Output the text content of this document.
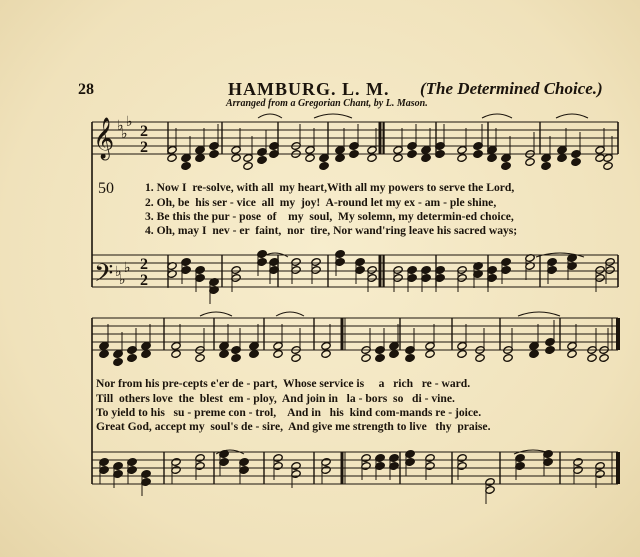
28	HAMBURG. L. M. (The Determined Choice.)
Arranged from a Gregorian Chant, by L. Mason.
50
𝄞
𝄢
♭ ♭
♭
♭ ♭
♭
2
2
2
2
1. Now I  re-solve, with all  my heart,With all my powers to serve the Lord,
2. Oh, be  his ser - vice  all  my  joy!  A-round let my ex - am - ple shine,
3. Be this the pur - pose  of    my  soul,  My solemn, my determin-ed choice,
4. Oh, may I  nev - er  faint,  nor  tire, Nor wand'ring leave his sacred ways;
Nor from his pre-cepts e'er de - part,  Whose service is     a   rich   re - ward.
Till  others love  the  blest  em - ploy,  And join in   la - bors  so   di - vine.
To yield to his   su - preme con - trol,    And in   his  kind com-mands re - joice.
Great God, accept my  soul's de - sire,  And give me strength to live   thy  praise.
